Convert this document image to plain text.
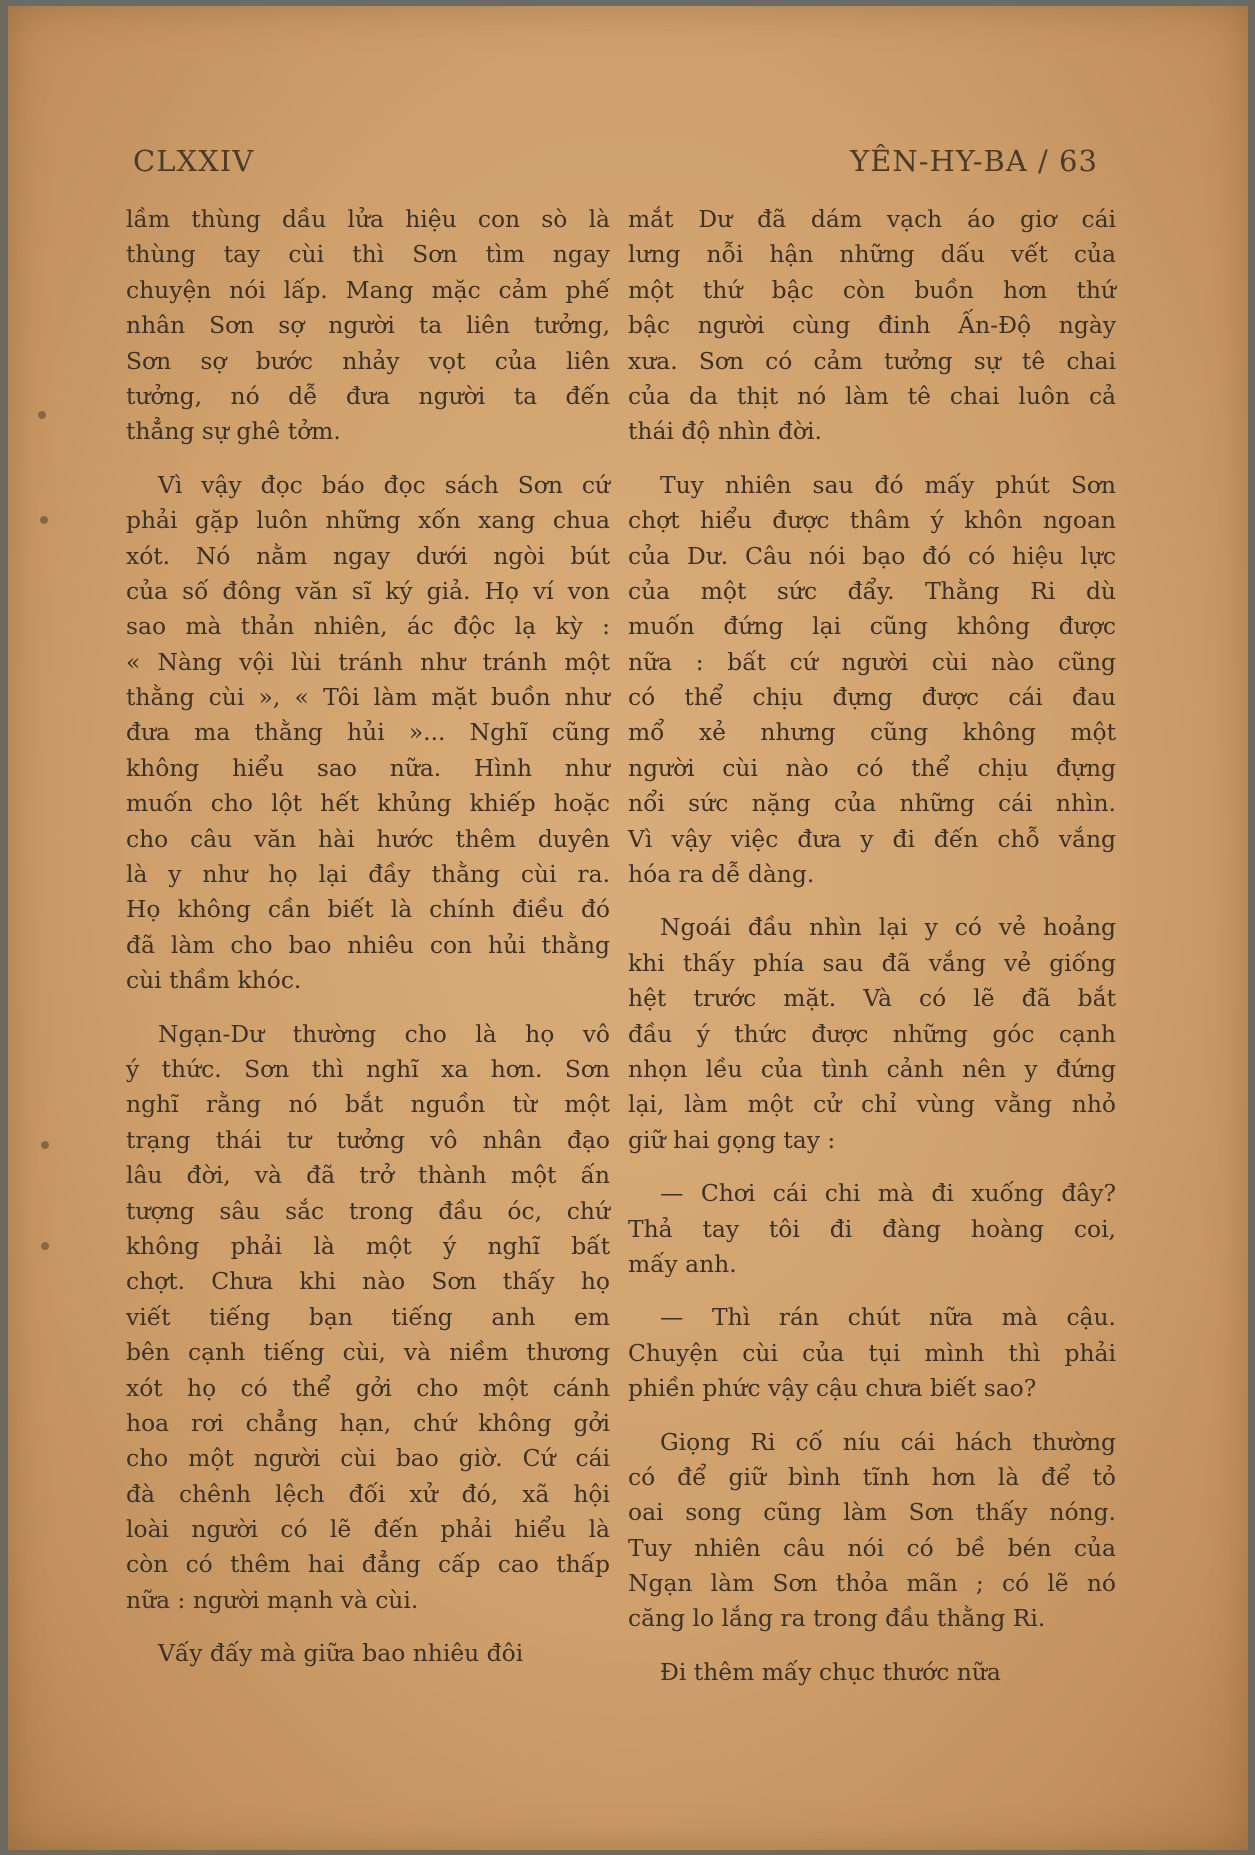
CLXXIV	YÊN-HY-BA / 63
lầm thùng dầu lửa hiệu con sò là
thùng tay cùi thì Sơn tìm ngay
chuyện nói lấp. Mang mặc cảm phế
nhân Sơn sợ người ta liên tưởng,
Sơn sợ bước nhảy vọt của liên
tưởng, nó dễ đưa người ta đến
thẳng sự ghê tởm.
Vì vậy đọc báo đọc sách Sơn cứ
phải gặp luôn những xốn xang chua
xót. Nó nằm ngay dưới ngòi bút
của số đông văn sĩ ký giả. Họ ví von
sao mà thản nhiên, ác độc lạ kỳ :
« Nàng vội lùi tránh như tránh một
thằng cùi », « Tôi làm mặt buồn như
đưa ma thằng hủi »... Nghĩ cũng
không hiểu sao nữa. Hình như
muốn cho lột hết khủng khiếp hoặc
cho câu văn hài hước thêm duyên
là y như họ lại đầy thằng cùi ra.
Họ không cần biết là chính điều đó
đã làm cho bao nhiêu con hủi thằng
cùi thầm khóc.
Ngạn-Dư thường cho là họ vô
ý thức. Sơn thì nghĩ xa hơn. Sơn
nghĩ rằng nó bắt nguồn từ một
trạng thái tư tưởng vô nhân đạo
lâu đời, và đã trở thành một ấn
tượng sâu sắc trong đầu óc, chứ
không phải là một ý nghĩ bất
chợt. Chưa khi nào Sơn thấy họ
viết tiếng bạn tiếng anh em
bên cạnh tiếng cùi, và niềm thương
xót họ có thể gởi cho một cánh
hoa rơi chẳng hạn, chứ không gởi
cho một người cùi bao giờ. Cứ cái
đà chênh lệch đối xử đó, xã hội
loài người có lẽ đến phải hiểu là
còn có thêm hai đẳng cấp cao thấp
nữa : người mạnh và cùi.
Vấy đấy mà giữa bao nhiêu đôi
mắt Dư đã dám vạch áo giơ cái
lưng nỗi hận những dấu vết của
một thứ bậc còn buồn hơn thứ
bậc người cùng đinh Ấn-Độ ngày
xưa. Sơn có cảm tưởng sự tê chai
của da thịt nó làm tê chai luôn cả
thái độ nhìn đời.
Tuy nhiên sau đó mấy phút Sơn
chợt hiểu được thâm ý khôn ngoan
của Dư. Câu nói bạo đó có hiệu lực
của một sức đẩy. Thằng Ri dù
muốn đứng lại cũng không được
nữa : bất cứ người cùi nào cũng
có thể chịu đựng được cái đau
mổ xẻ nhưng cũng không một
người cùi nào có thể chịu đựng
nổi sức nặng của những cái nhìn.
Vì vậy việc đưa y đi đến chỗ vắng
hóa ra dễ dàng.
Ngoái đầu nhìn lại y có vẻ hoảng
khi thấy phía sau đã vắng vẻ giống
hệt trước mặt. Và có lẽ đã bắt
đầu ý thức được những góc cạnh
nhọn lều của tình cảnh nên y đứng
lại, làm một cử chỉ vùng vằng nhỏ
giữ hai gọng tay :
— Chơi cái chi mà đi xuống đây?
Thả tay tôi đi đàng hoàng coi,
mấy anh.
— Thì rán chút nữa mà cậu.
Chuyện cùi của tụi mình thì phải
phiền phức vậy cậu chưa biết sao?
Giọng Ri cố níu cái hách thường
có để giữ bình tĩnh hơn là để tỏ
oai song cũng làm Sơn thấy nóng.
Tuy nhiên câu nói có bề bén của
Ngạn làm Sơn thỏa mãn ; có lẽ nó
căng lo lắng ra trong đầu thằng Ri.
Đi thêm mấy chục thước nữa
